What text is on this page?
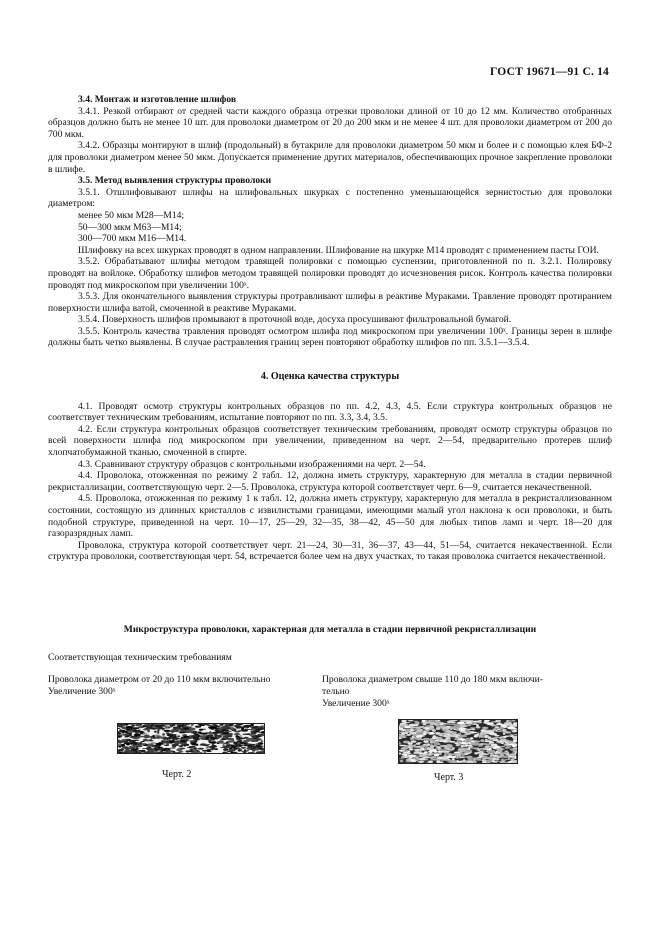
ГОСТ 19671—91 С. 14

3.4. Монтаж и изготовление шлифов

3.4.1. Резкой отбирают от средней части каждого образца отрезки проволоки длиной от 10 до 12 мм. Количество отобранных образцов должно быть не менее 10 шт. для проволоки диаметром от 20 до 200 мкм и не менее 4 шт. для проволоки диаметром от 200 до 700 мкм.

3.4.2. Образцы монтируют в шлиф (продольный) в бутакриле для проволоки диаметром 50 мкм и более и с помощью клея БФ-2 для проволоки диаметром менее 50 мкм. Допускается применение других материалов, обеспечивающих прочное закрепление проволоки в шлифе.

3.5. Метод выявления структуры проволоки

3.5.1. Отшлифовывают шлифы на шлифовальных шкурках с постепенно уменьшающейся зернистостью для проволоки диаметром:

менее 50 мкм М28—М14;

50—300 мкм М63—М14;

300—700 мкм М16—М14.

Шлифовку на всех шкурках проводят в одном направлении. Шлифование на шкурке М14 проводят с применением пасты ГОИ.

3.5.2. Обрабатывают шлифы методом травящей полировки с помощью суспензии, приготовленной по п. 3.2.1. Полировку проводят на войлоке. Обработку шлифов методом травящей полировки проводят до исчезновения рисок. Контроль качества полировки проводят под микроскопом при увеличении 100ˣ.

3.5.3. Для окончательного выявления структуры протравливают шлифы в реактиве Мураками. Травление проводят протиранием поверхности шлифа ватой, смоченной в реактиве Мураками.

3.5.4. Поверхность шлифов промывают в проточной воде, досуха просушивают фильтровальной бумагой.

3.5.5. Контроль качества травления проводят осмотром шлифа под микроскопом при увеличении 100ˣ. Границы зерен в шлифе должны быть четко выявлены. В случае растравления границ зерен повторяют обработку шлифов по пп. 3.5.1—3.5.4.

4. Оценка качества структуры

4.1. Проводят осмотр структуры контрольных образцов по пп. 4.2, 4.3, 4.5. Если структура контрольных образцов не соответствует техническим требованиям, испытание повторяют по пп. 3.3, 3.4, 3.5.

4.2. Если структура контрольных образцов соответствует техническим требованиям, проводят осмотр структуры образцов по всей поверхности шлифа под микроскопом при увеличении, приведенном на черт. 2—54, предварительно протерев шлиф хлопчатобумажной тканью, смоченной в спирте.

4.3. Сравнивают структуру образцов с контрольными изображениями на черт. 2—54.

4.4. Проволока, отожженная по режиму 2 табл. 12, должна иметь структуру, характерную для металла в стадии первичной рекристаллизации, соответствующую черт. 2—5. Проволока, структура которой соответствует черт. 6—9, считается некачественной.

4.5. Проволока, отожженная по режиму 1 к табл. 12, должна иметь структуру, характерную для металла в рекристаллизованном состоянии, состоящую из длинных кристаллов с извилистыми границами, имеющими малый угол наклона к оси проволоки, и быть подобной структуре, приведенной на черт. 10—17, 25—29, 32—35, 38—42, 45—50 для любых типов ламп и черт. 18—20 для газоразрядных ламп.

Проволока, структура которой соответствует черт. 21—24, 30—31, 36—37, 43—44, 51—54, считается некачественной. Если структура проволоки, соответствующая черт. 54, встречается более чем на двух участках, то такая проволока считается некачественной.

Микроструктура проволоки, характерная для металла в стадии первичной рекристаллизации
Соответствующая техническим требованиям
Проволока диаметром от 20 до 110 мкм включительно
Увеличение 300ˣ
Проволока диаметром свыше 110 до 180 мкм включи-
тельно
Увеличение 300ˣ
Черт. 2	Черт. 3
